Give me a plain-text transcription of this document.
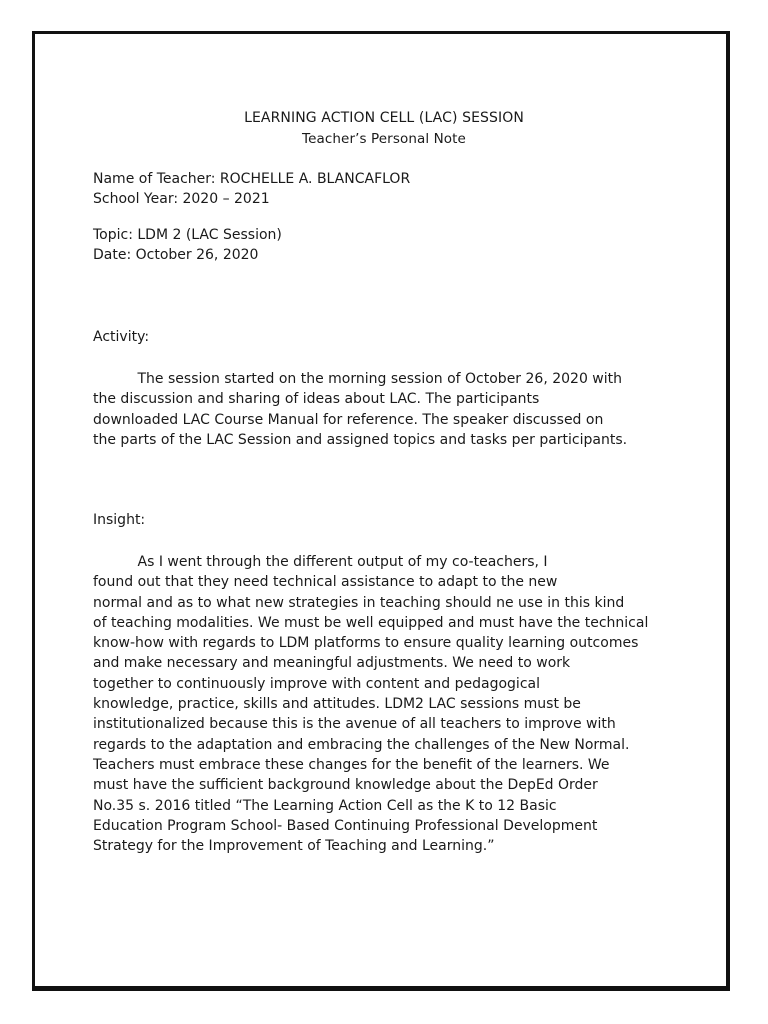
LEARNING ACTION CELL (LAC) SESSION
Teacher’s Personal Note
Name of Teacher: ROCHELLE A. BLANCAFLOR
School Year: 2020 – 2021
Topic: LDM 2 (LAC Session)
Date: October 26, 2020
Activity:

The session started on the morning session of October 26, 2020 with

the discussion and sharing of ideas about LAC. The participants

downloaded LAC Course Manual for reference. The speaker discussed on

the parts of the LAC Session and assigned topics and tasks per participants.

Insight:

As I went through the different output of my co-teachers, I

found out that they need technical assistance to adapt to the new

normal and as to what new strategies in teaching should ne use in this kind

of teaching modalities. We must be well equipped and must have the technical

know-how with regards to LDM platforms to ensure quality learning outcomes

and make necessary and meaningful adjustments. We need to work

together to continuously improve with content and pedagogical

knowledge, practice, skills and attitudes. LDM2 LAC sessions must be

institutionalized because this is the avenue of all teachers to improve with

regards to the adaptation and embracing the challenges of the New Normal.

Teachers must embrace these changes for the benefit of the learners. We

must have the sufficient background knowledge about the DepEd Order

No.35 s. 2016 titled “The Learning Action Cell as the K to 12 Basic

Education Program School- Based Continuing Professional Development

Strategy for the Improvement of Teaching and Learning.”
